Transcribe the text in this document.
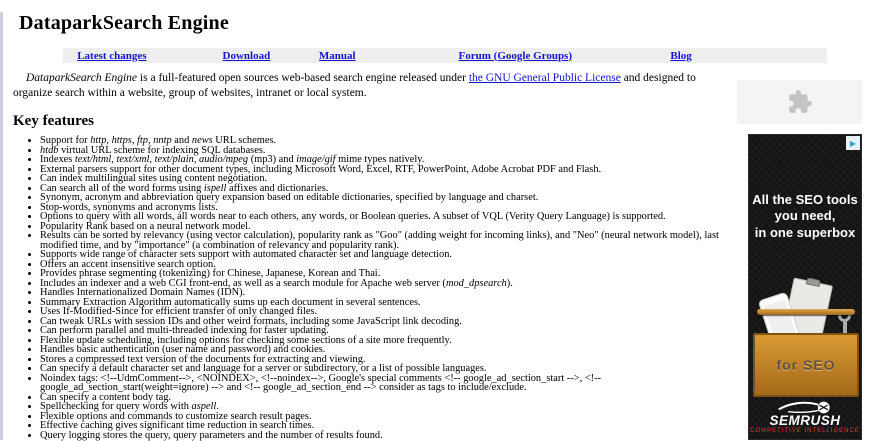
DataparkSearch Engine
Latest changes	Download	Manual	Forum (Google Groups)	Blog

DataparkSearch Engine is a full-featured open sources web-based search engine released under the GNU General Public License and designed to organize search within a website, group of websites, intranet or local system.

Key features
• Support for http, https, ftp, nntp and news URL schemes.
• htdb virtual URL scheme for indexing SQL databases.
• Indexes text/html, text/xml, text/plain, audio/mpeg (mp3) and image/gif mime types natively.
• External parsers support for other document types, including Microsoft Word, Excel, RTF, PowerPoint, Adobe Acrobat PDF and Flash.
• Can index multilingual sites using content negotiation.
• Can search all of the word forms using ispell affixes and dictionaries.
• Synonym, acronym and abbreviation query expansion based on editable dictionaries, specified by language and charset.
• Stop-words, synonyms and acronyms lists.
• Options to query with all words, all words near to each others, any words, or Boolean queries. A subset of VQL (Verity Query Language) is supported.
• Popularity Rank based on a neural network model.
• Results can be sorted by relevancy (using vector calculation), popularity rank as "Goo" (adding weight for incoming links), and "Neo" (neural network model), last modified time, and by "importance" (a combination of relevancy and popularity rank).
• Supports wide range of character sets support with automated character set and language detection.
• Offers an accent insensitive search option.
• Provides phrase segmenting (tokenizing) for Chinese, Japanese, Korean and Thai.
• Includes an indexer and a web CGI front-end, as well as a search module for Apache web server (mod_dpsearch).
• Handles Internationalized Domain Names (IDN).
• Summary Extraction Algorithm automatically sums up each document in several sentences.
• Uses If-Modified-Since for efficient transfer of only changed files.
• Can tweak URLs with session IDs and other weird formats, including some JavaScript link decoding.
• Can perform parallel and multi-threaded indexing for faster updating.
• Flexible update scheduling, including options for checking some sections of a site more frequently.
• Handles basic authentication (user name and password) and cookies.
• Stores a compressed text version of the documents for extracting and viewing.
• Can specify a default character set and language for a server or subdirectory, or a list of possible languages.
• Noindex tags: <!--UdmComment-->, <NOINDEX>, <!--noindex-->, Google's special comments <!-- google_ad_section_start -->, <!-- google_ad_section_start(weight=ignore) --> and <!-- google_ad_section_end --> consider as tags to include/exclude.
• Can specify a content body tag.
• Spellchecking for query words with aspell.
• Flexible options and commands to customize search result pages.
• Effective caching gives significant time reduction in search times.
• Query logging stores the query, query parameters and the number of results found.
▶
All the SEO tools
you need,
in one superbox
for SEO
SEMRUSH
COMPETITIVE INTELLIGENCE
